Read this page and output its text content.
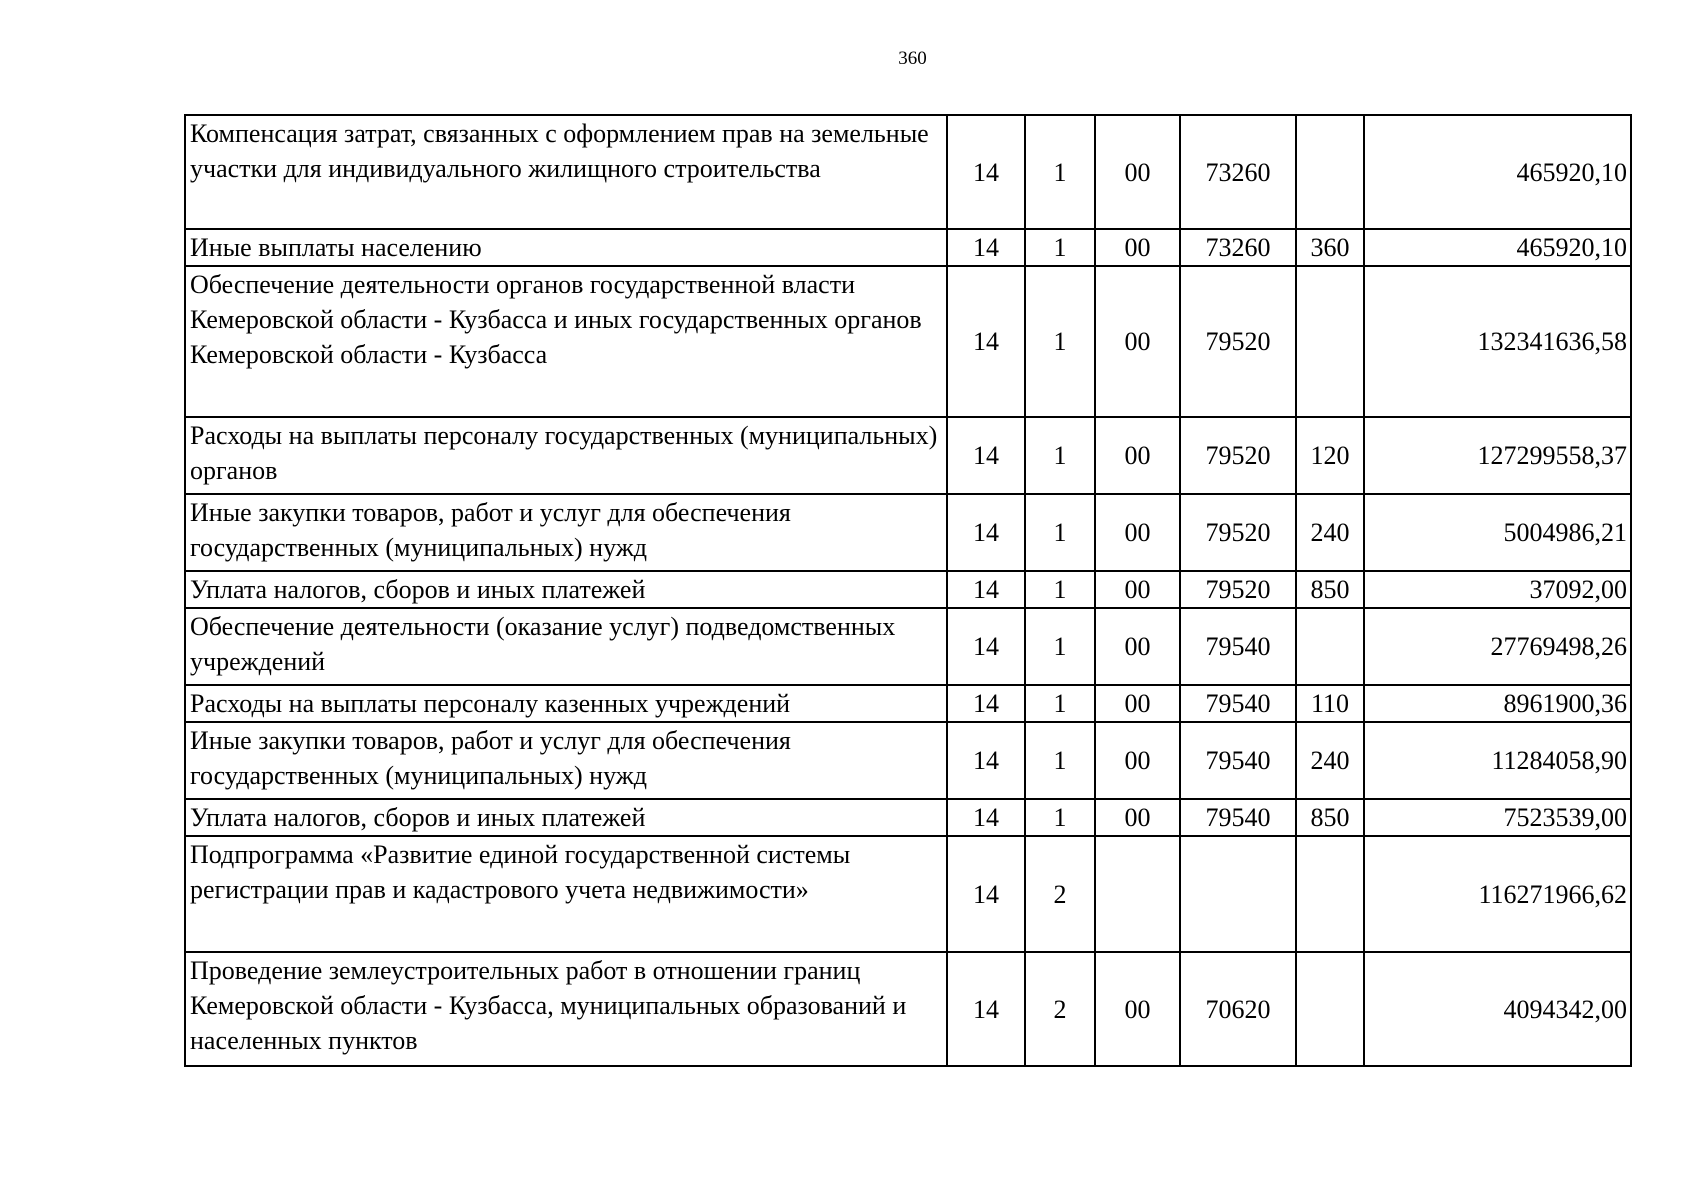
360
Компенсация затрат, связанных с оформлением прав на земельные участки для индивидуального жилищного строительства	14	1	00	73260		465920,10
Иные выплаты населению	14	1	00	73260	360	465920,10
Обеспечение деятельности органов государственной власти Кемеровской области - Кузбасса и иных государственных органов Кемеровской области - Кузбасса	14	1	00	79520		132341636,58
Расходы на выплаты персоналу государственных (муниципальных) органов	14	1	00	79520	120	127299558,37
Иные закупки товаров, работ и услуг для обеспечения государственных (муниципальных) нужд	14	1	00	79520	240	5004986,21
Уплата налогов, сборов и иных платежей	14	1	00	79520	850	37092,00
Обеспечение деятельности (оказание услуг) подведомственных учреждений	14	1	00	79540		27769498,26
Расходы на выплаты персоналу казенных учреждений	14	1	00	79540	110	8961900,36
Иные закупки товаров, работ и услуг для обеспечения государственных (муниципальных) нужд	14	1	00	79540	240	11284058,90
Уплата налогов, сборов и иных платежей	14	1	00	79540	850	7523539,00
Подпрограмма «Развитие единой государственной системы регистрации прав и кадастрового учета недвижимости»	14	2				116271966,62
Проведение землеустроительных работ в отношении границ Кемеровской области - Кузбасса, муниципальных образований и населенных пунктов	14	2	00	70620		4094342,00
